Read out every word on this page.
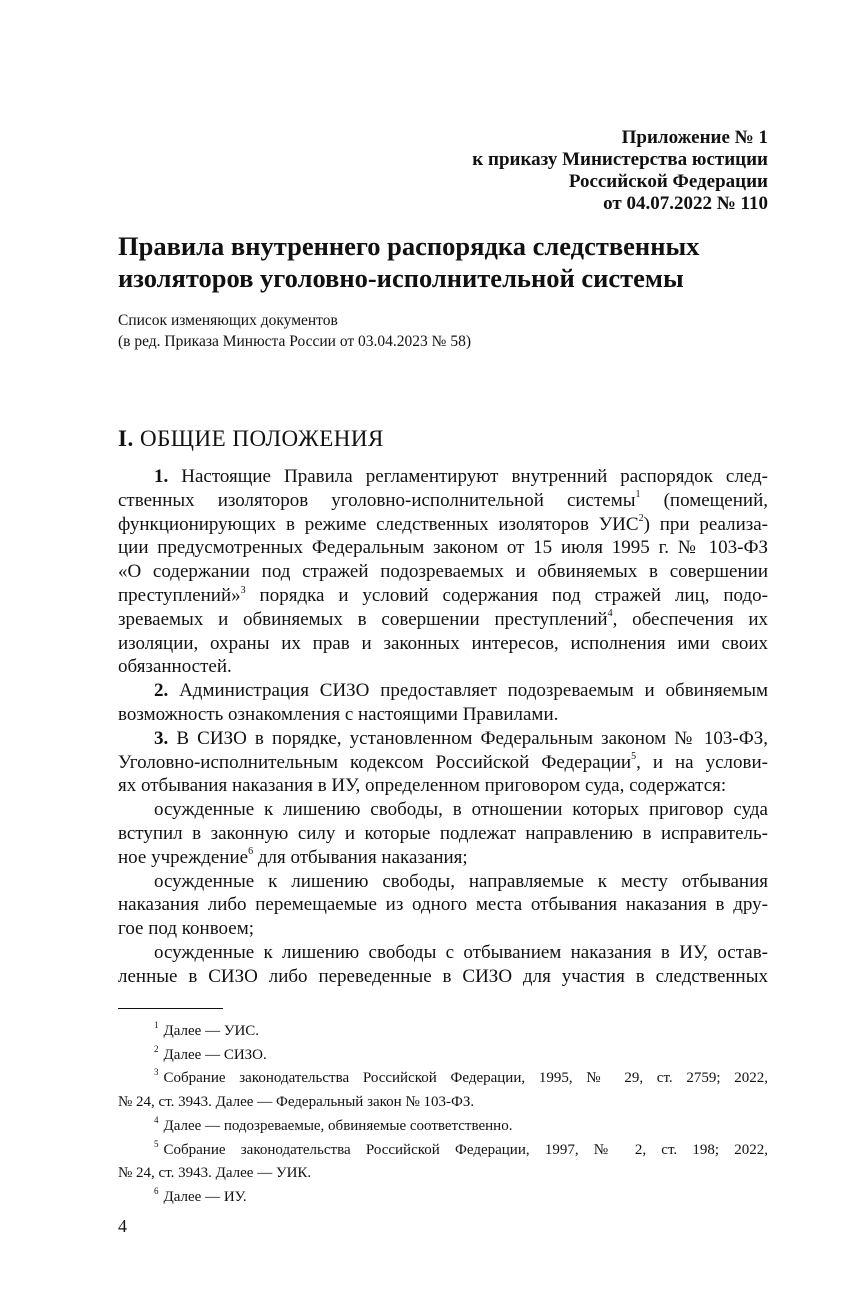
Приложение № 1
к приказу Министерства юстиции
Российской Федерации
от 04.07.2022 № 110
Правила внутреннего распорядка следственных
изоляторов уголовно-исполнительной системы
Список изменяющих документов
(в ред. Приказа Минюста России от 03.04.2023 № 58)
I. ОБЩИЕ ПОЛОЖЕНИЯ
1. Настоящие Правила регламентируют внутренний распорядок след-
ственных изоляторов уголовно-исполнительной системы$^1$ (помещений,
функционирующих в режиме следственных изоляторов УИС$^2$) при реализа-
ции предусмотренных Федеральным законом от 15 июля 1995 г. № 103-ФЗ
«О содержании под стражей подозреваемых и обвиняемых в совершении
преступлений»$^3$ порядка и условий содержания под стражей лиц, подо-
зреваемых и обвиняемых в совершении преступлений$^4$, обеспечения их
изоляции, охраны их прав и законных интересов, исполнения ими своих
обязанностей.
2. Администрация СИЗО предоставляет подозреваемым и обвиняемым
возможность ознакомления с настоящими Правилами.
3. В СИЗО в порядке, установленном Федеральным законом № 103-ФЗ,
Уголовно-исполнительным кодексом Российской Федерации$^5$, и на услови-
ях отбывания наказания в ИУ, определенном приговором суда, содержатся:
осужденные к лишению свободы, в отношении которых приговор суда
вступил в законную силу и которые подлежат направлению в исправитель-
ное учреждение$^6$ для отбывания наказания;
осужденные к лишению свободы, направляемые к месту отбывания
наказания либо перемещаемые из одного места отбывания наказания в дру-
гое под конвоем;
осужденные к лишению свободы с отбыванием наказания в ИУ, остав-
ленные в СИЗО либо переведенные в СИЗО для участия в следственных
$^1$ Далее — УИС.
$^2$ Далее — СИЗО.
$^3$ Собрание законодательства Российской Федерации, 1995, № 29, ст. 2759; 2022,
№ 24, ст. 3943. Далее — Федеральный закон № 103-ФЗ.
$^4$ Далее — подозреваемые, обвиняемые соответственно.
$^5$ Собрание законодательства Российской Федерации, 1997, № 2, ст. 198; 2022,
№ 24, ст. 3943. Далее — УИК.
$^6$ Далее — ИУ.
4
